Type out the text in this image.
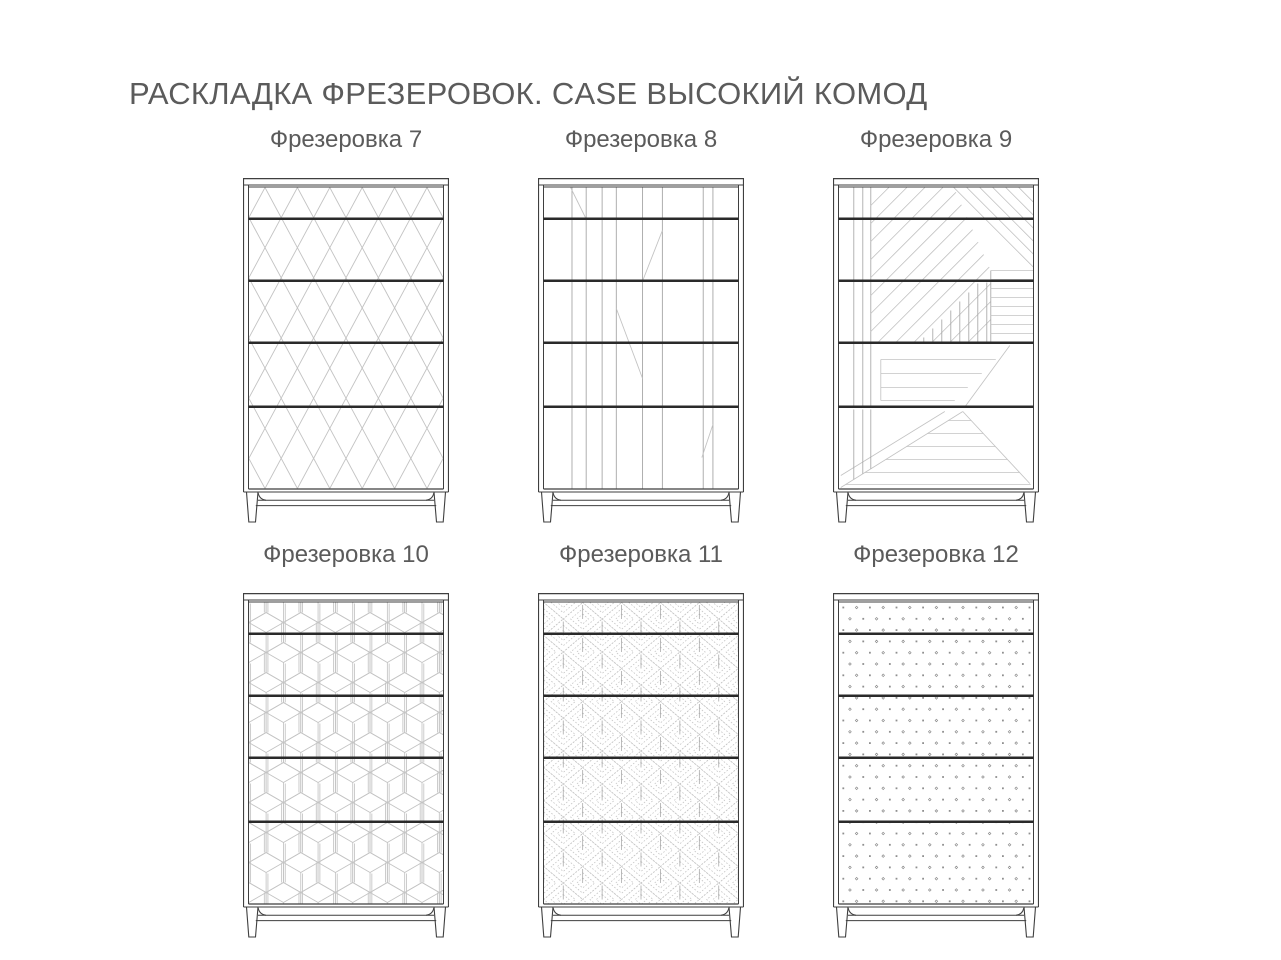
РАСКЛАДКА ФРЕЗЕРОВОК. CASE ВЫСОКИЙ КОМОД
Фрезеровка 7	Фрезеровка 8	Фрезеровка 9
Фрезеровка 10	Фрезеровка 11	Фрезеровка 12
